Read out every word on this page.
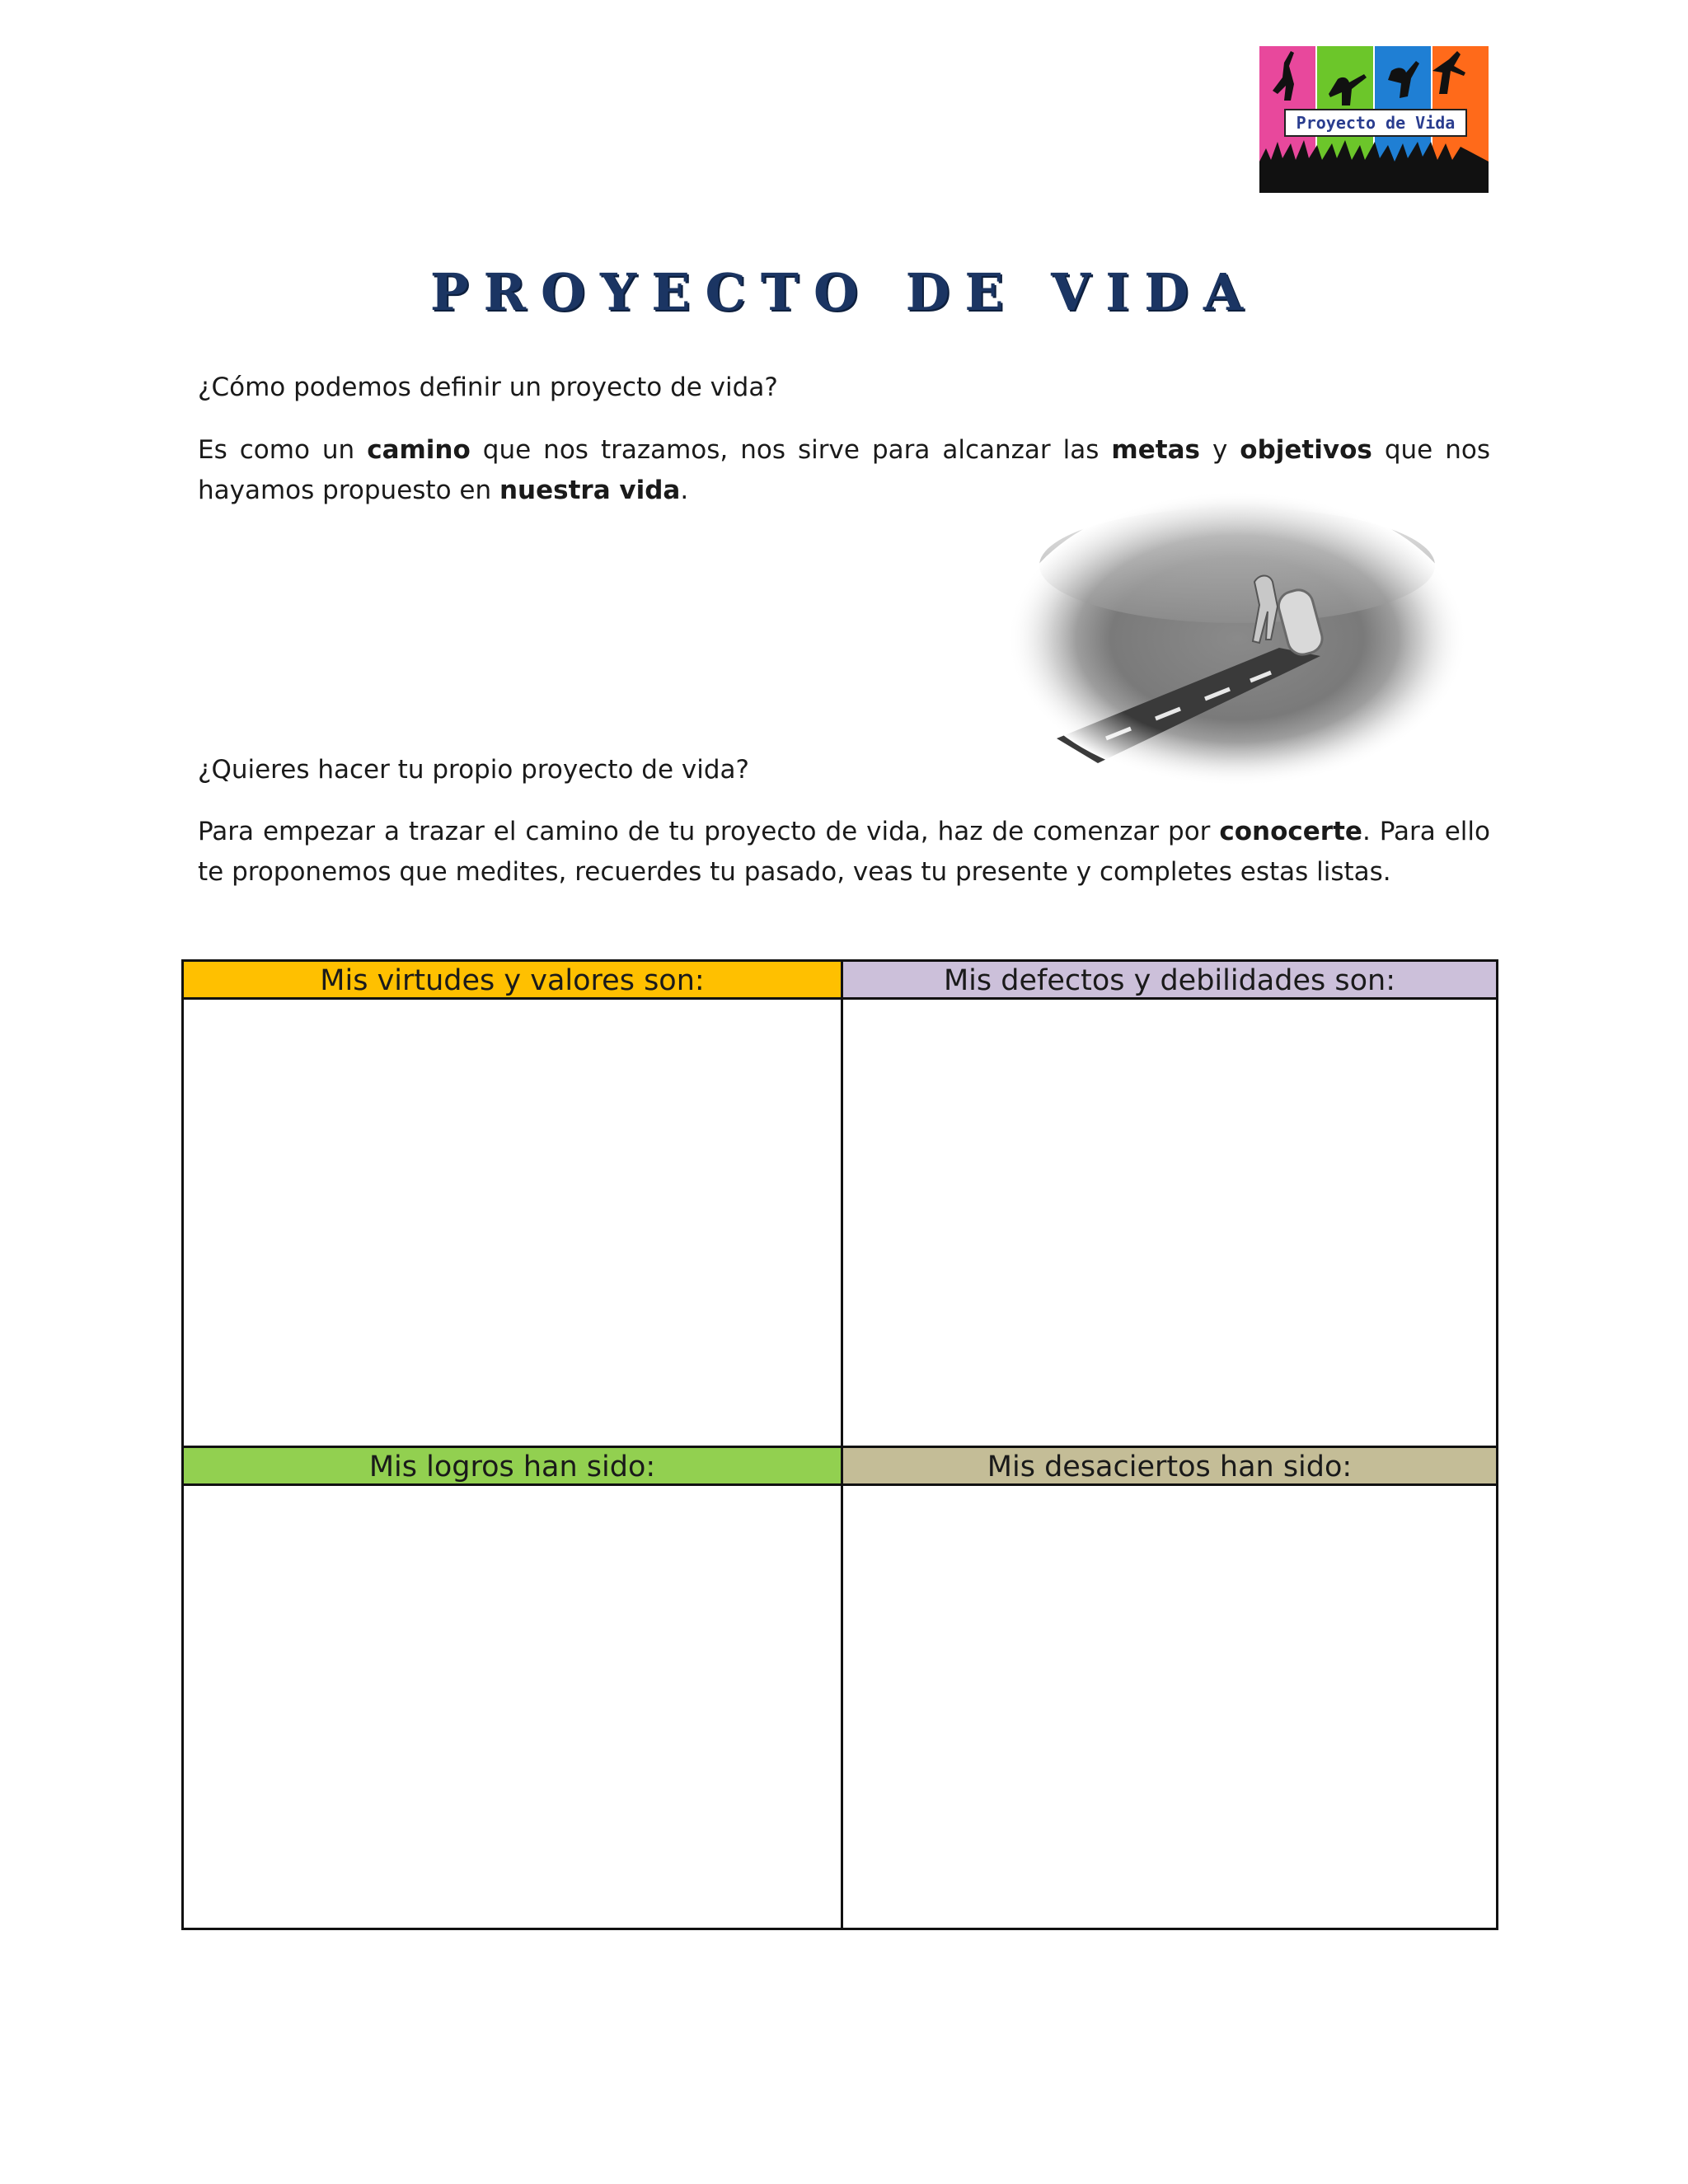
Proyecto de Vida
PROYECTO DE VIDA

¿Cómo podemos definir un proyecto de vida?

Es como un camino que nos trazamos, nos sirve para alcanzar las metas y objetivos que nos hayamos propuesto en nuestra vida.

¿Quieres hacer tu propio proyecto de vida?

Para empezar a trazar el camino de tu proyecto de vida, haz de comenzar por conocerte. Para ello te proponemos que medites, recuerdes tu pasado, veas tu presente y completes estas listas.

Mis virtudes y valores son:	Mis defectos y debilidades son:
Mis logros han sido:	Mis desaciertos han sido:
